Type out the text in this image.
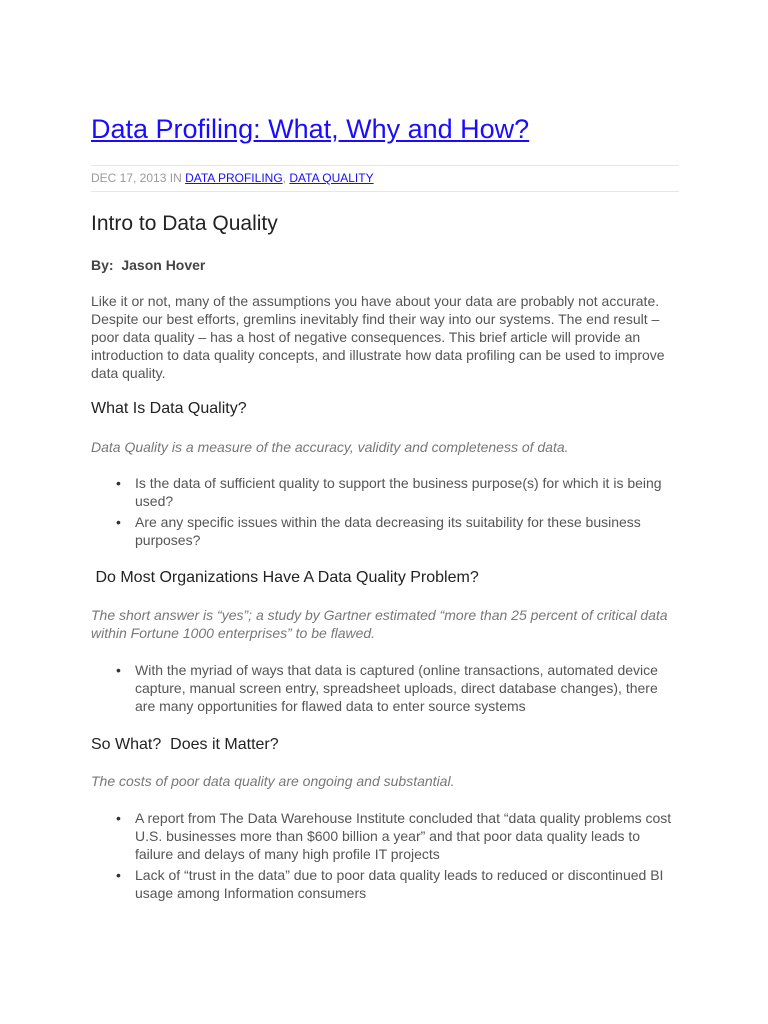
Data Profiling: What, Why and How?
DEC 17, 2013 IN DATA PROFILING, DATA QUALITY
Intro to Data Quality
By:  Jason Hover

Like it or not, many of the assumptions you have about your data are probably not accurate. Despite our best efforts, gremlins inevitably find their way into our systems. The end result – poor data quality – has a host of negative consequences. This brief article will provide an introduction to data quality concepts, and illustrate how data profiling can be used to improve data quality.

What Is Data Quality?

Data Quality is a measure of the accuracy, validity and completeness of data.

• Is the data of sufficient quality to support the business purpose(s) for which it is being used?
• Are any specific issues within the data decreasing its suitability for these business purposes?
Do Most Organizations Have A Data Quality Problem?

The short answer is “yes”; a study by Gartner estimated “more than 25 percent of critical data within Fortune 1000 enterprises” to be flawed.

• With the myriad of ways that data is captured (online transactions, automated device capture, manual screen entry, spreadsheet uploads, direct database changes), there are many opportunities for flawed data to enter source systems
So What?  Does it Matter?

The costs of poor data quality are ongoing and substantial.

• A report from The Data Warehouse Institute concluded that “data quality problems cost U.S. businesses more than $600 billion a year” and that poor data quality leads to failure and delays of many high profile IT projects
• Lack of “trust in the data” due to poor data quality leads to reduced or discontinued BI usage among Information consumers
